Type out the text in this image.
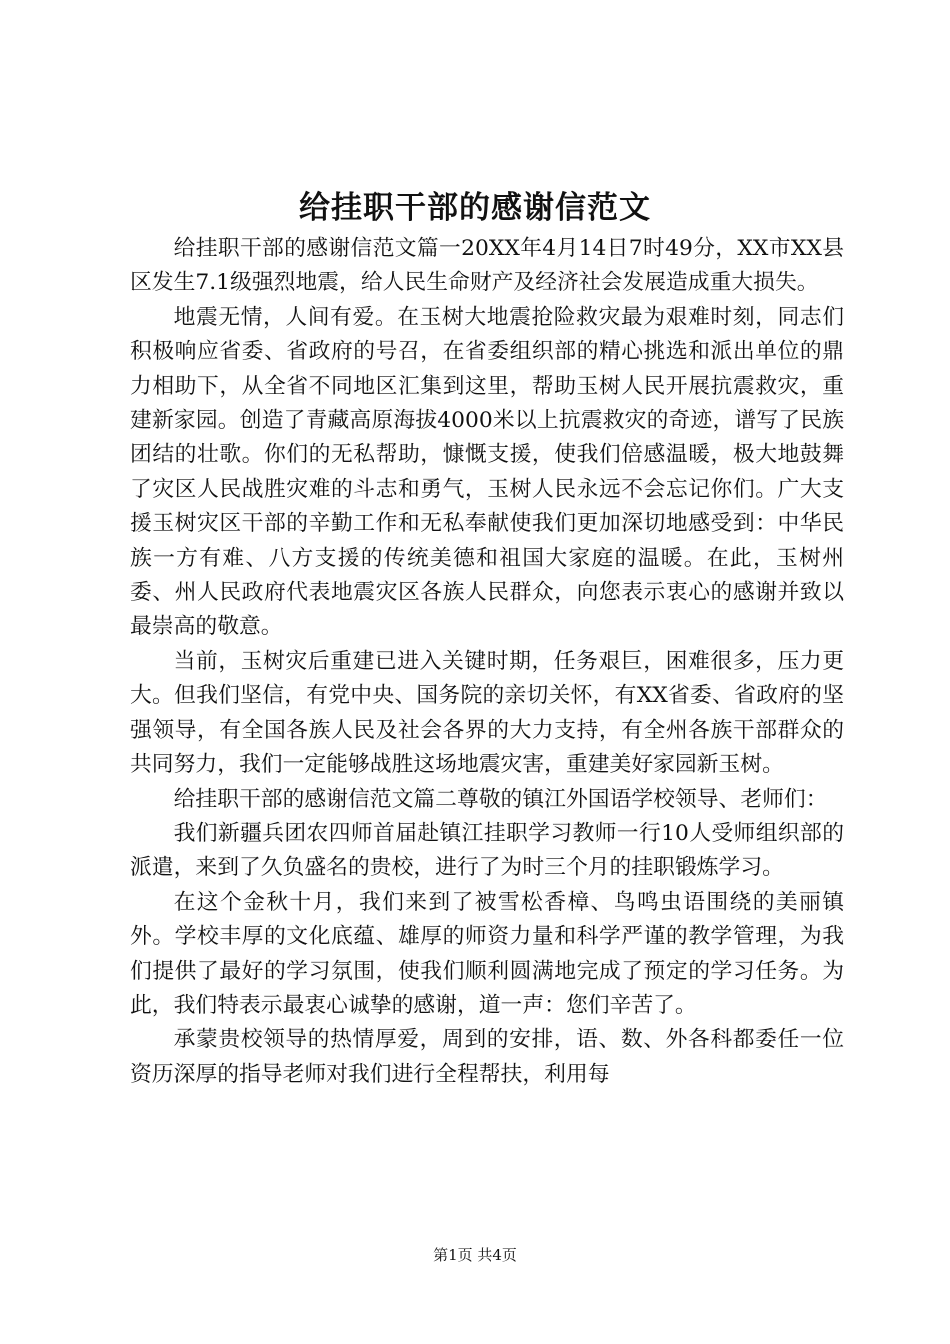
给挂职干部的感谢信范文

给挂职干部的感谢信范文篇一20XX年4月14日7时49分，XX市XX县区发生7.1级强烈地震，给人民生命财产及经济社会发展造成重大损失。

地震无情，人间有爱。在玉树大地震抢险救灾最为艰难时刻，同志们积极响应省委、省政府的号召，在省委组织部的精心挑选和派出单位的鼎力相助下，从全省不同地区汇集到这里，帮助玉树人民开展抗震救灾，重建新家园。创造了青藏高原海拔4000米以上抗震救灾的奇迹，谱写了民族团结的壮歌。你们的无私帮助，慷慨支援，使我们倍感温暖，极大地鼓舞了灾区人民战胜灾难的斗志和勇气，玉树人民永远不会忘记你们。广大支援玉树灾区干部的辛勤工作和无私奉献使我们更加深切地感受到：中华民族一方有难、八方支援的传统美德和祖国大家庭的温暖。在此，玉树州委、州人民政府代表地震灾区各族人民群众，向您表示衷心的感谢并致以最崇高的敬意。

当前，玉树灾后重建已进入关键时期，任务艰巨，困难很多，压力更大。但我们坚信，有党中央、国务院的亲切关怀，有XX省委、省政府的坚强领导，有全国各族人民及社会各界的大力支持，有全州各族干部群众的共同努力，我们一定能够战胜这场地震灾害，重建美好家园新玉树。

给挂职干部的感谢信范文篇二尊敬的镇江外国语学校领导、老师们：

我们新疆兵团农四师首届赴镇江挂职学习教师一行10人受师组织部的派遣，来到了久负盛名的贵校，进行了为时三个月的挂职锻炼学习。

在这个金秋十月，我们来到了被雪松香樟、鸟鸣虫语围绕的美丽镇外。学校丰厚的文化底蕴、雄厚的师资力量和科学严谨的教学管理，为我们提供了最好的学习氛围，使我们顺利圆满地完成了预定的学习任务。为此，我们特表示最衷心诚挚的感谢，道一声：您们辛苦了。

承蒙贵校领导的热情厚爱，周到的安排，语、数、外各科都委任一位资历深厚的指导老师对我们进行全程帮扶，利用每

第1页 共4页
